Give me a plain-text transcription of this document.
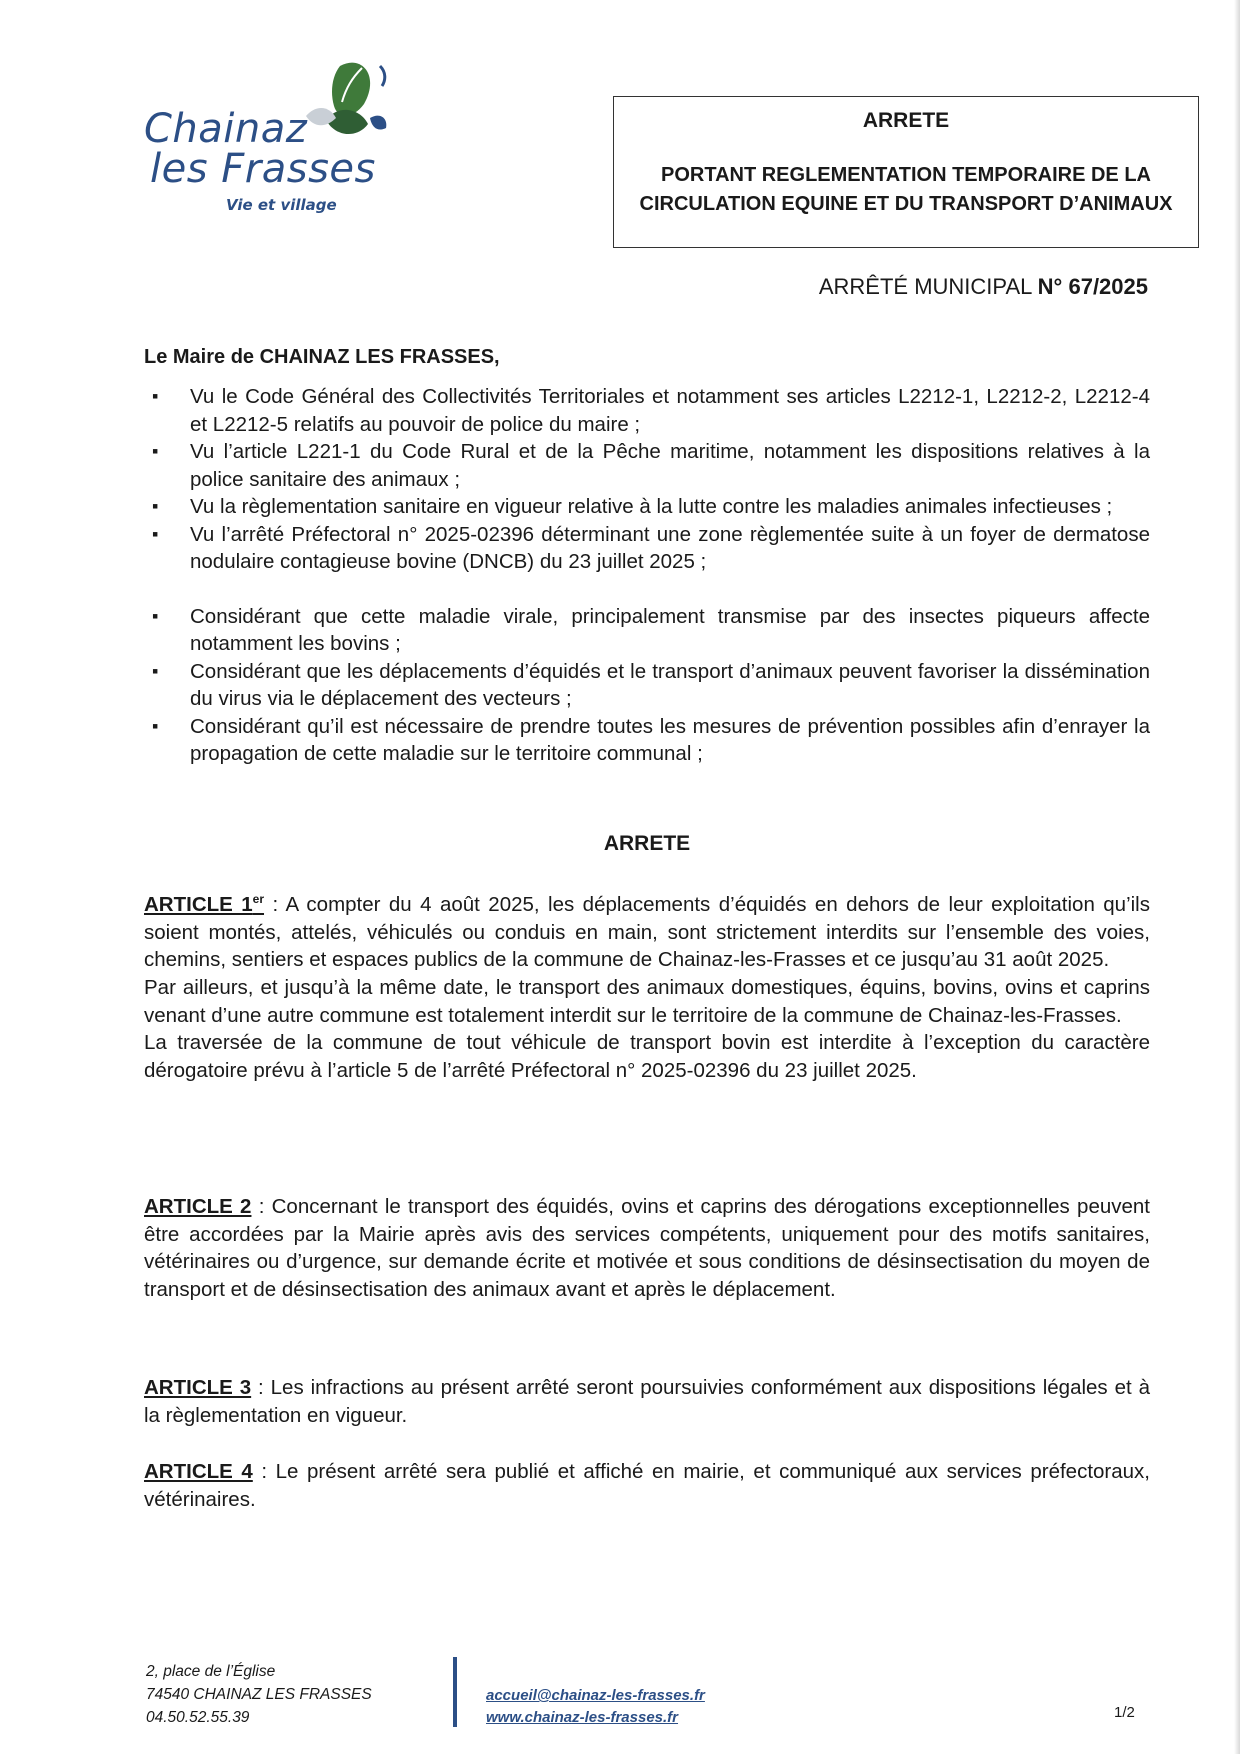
Chainaz
les Frasses
Vie et village
ARRETE
PORTANT REGLEMENTATION TEMPORAIRE DE LA
CIRCULATION EQUINE ET DU TRANSPORT D’ANIMAUX
ARRÊTÉ MUNICIPAL N° 67/2025
Le Maire de CHAINAZ LES FRASSES,
▪ Vu le Code Général des Collectivités Territoriales et notamment ses articles L2212-1, L2212-2, L2212-4 et L2212-5 relatifs au pouvoir de police du maire ;
▪ Vu l’article L221-1 du Code Rural et de la Pêche maritime, notamment les dispositions relatives à la police sanitaire des animaux ;
▪ Vu la règlementation sanitaire en vigueur relative à la lutte contre les maladies animales infectieuses ;
▪ Vu l’arrêté Préfectoral n° 2025-02396 déterminant une zone règlementée suite à un foyer de dermatose nodulaire contagieuse bovine (DNCB) du 23 juillet 2025 ;
▪ Considérant que cette maladie virale, principalement transmise par des insectes piqueurs affecte notamment les bovins ;
▪ Considérant que les déplacements d’équidés et le transport d’animaux peuvent favoriser la dissémination du virus via le déplacement des vecteurs ;
▪ Considérant qu’il est nécessaire de prendre toutes les mesures de prévention possibles afin d’enrayer la propagation de cette maladie sur le territoire communal ;
ARRETE

ARTICLE 1er : A compter du 4 août 2025, les déplacements d’équidés en dehors de leur exploitation qu’ils soient montés, attelés, véhiculés ou conduis en main, sont strictement interdits sur l’ensemble des voies, chemins, sentiers et espaces publics de la commune de Chainaz-les-Frasses et ce jusqu’au 31 août 2025.

Par ailleurs, et jusqu’à la même date, le transport des animaux domestiques, équins, bovins, ovins et caprins venant d’une autre commune est totalement interdit sur le territoire de la commune de Chainaz-les-Frasses.

La traversée de la commune de tout véhicule de transport bovin est interdite à l’exception du caractère dérogatoire prévu à l’article 5 de l’arrêté Préfectoral n° 2025-02396 du 23 juillet 2025.

ARTICLE 2 : Concernant le transport des équidés, ovins et caprins des dérogations exceptionnelles peuvent être accordées par la Mairie après avis des services compétents, uniquement pour des motifs sanitaires, vétérinaires ou d’urgence, sur demande écrite et motivée et sous conditions de désinsectisation du moyen de transport et de désinsectisation des animaux avant et après le déplacement.

ARTICLE 3 : Les infractions au présent arrêté seront poursuivies conformément aux dispositions légales et à la règlementation en vigueur.

ARTICLE 4 : Le présent arrêté sera publié et affiché en mairie, et communiqué aux services préfectoraux, vétérinaires.

2, place de l’Église
74540 CHAINAZ LES FRASSES
04.50.52.55.39
accueil@chainaz-les-frasses.fr
www.chainaz-les-frasses.fr	1/2
